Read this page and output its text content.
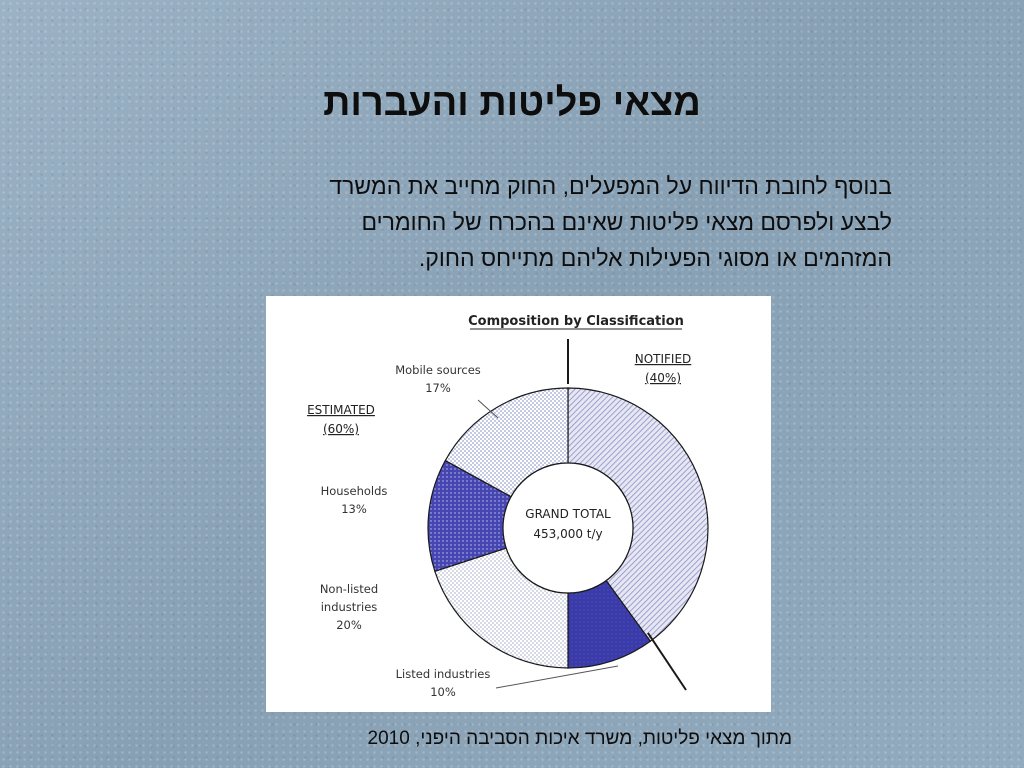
מצאי פליטות והעברות
בנוסף לחובת הדיווח על המפעלים, החוק מחייב את המשרד
לבצע ולפרסם מצאי פליטות שאינם בהכרח של החומרים
המזהמים או מסוגי הפעילות אליהם מתייחס החוק.
Composition by Classification
GRAND TOTAL
453,000 t/y
NOTIFIED
(40%)
ESTIMATED
(60%)
Listed industries
10%
Non-listed
industries
20%
Households
13%
Mobile sources
17%
מתוך מצאי פליטות, משרד איכות הסביבה היפני, 2010
